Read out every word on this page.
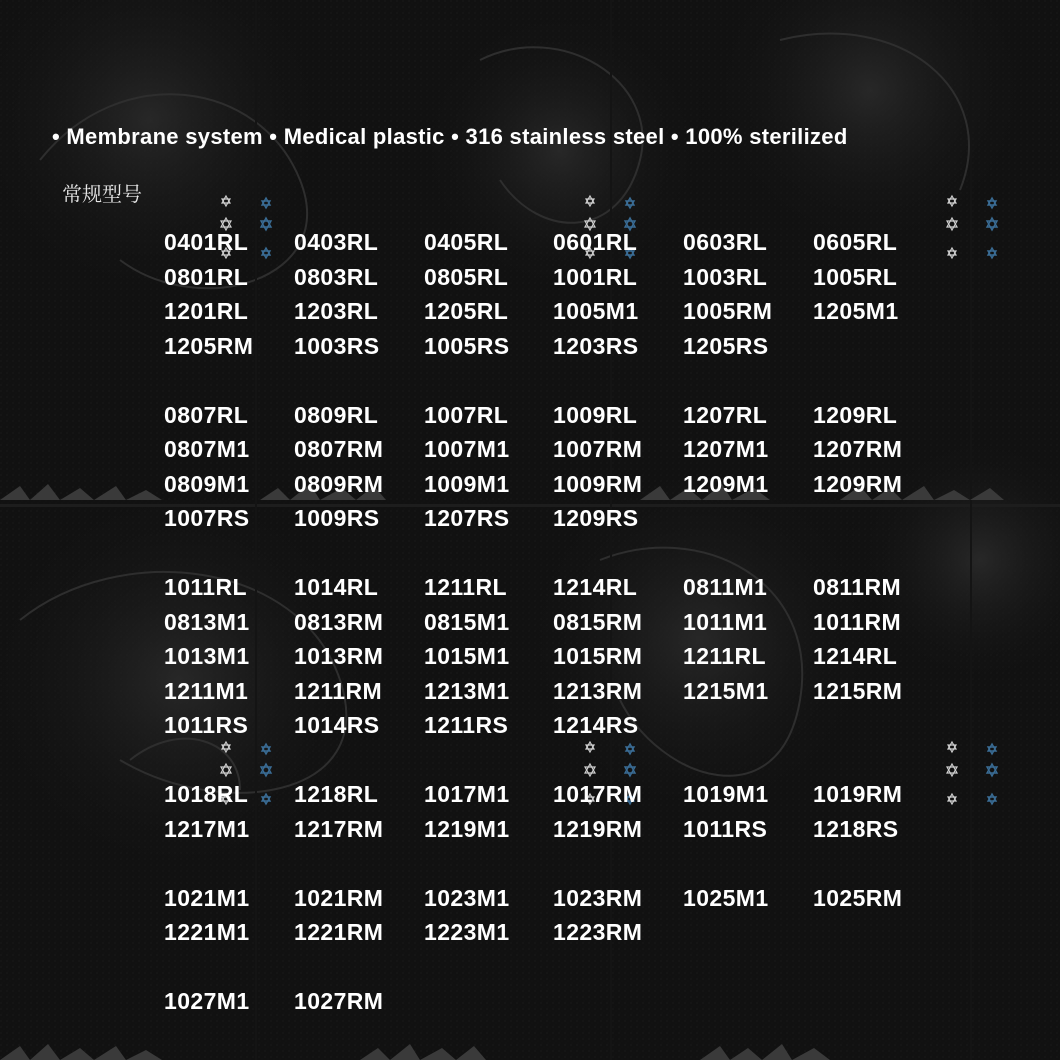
• Membrane system • Medical plastic • 316 stainless steel • 100% sterilized
常规型号
0401RL 0403RL 0405RL 0601RL 0603RL 0605RL
0801RL 0803RL 0805RL 1001RL 1003RL 1005RL
1201RL 1203RL 1205RL 1005M1 1005RM 1205M1
1205RM 1003RS 1005RS 1203RS 1205RS
0807RL 0809RL 1007RL 1009RL 1207RL 1209RL
0807M1 0807RM 1007M1 1007RM 1207M1 1207RM
0809M1 0809RM 1009M1 1009RM 1209M1 1209RM
1007RS 1009RS 1207RS 1209RS
1011RL 1014RL 1211RL 1214RL 0811M1 0811RM
0813M1 0813RM 0815M1 0815RM 1011M1 1011RM
1013M1 1013RM 1015M1 1015RM 1211RL 1214RL
1211M1 1211RM 1213M1 1213RM 1215M1 1215RM
1011RS 1014RS 1211RS 1214RS
1018RL 1218RL 1017M1 1017RM 1019M1 1019RM
1217M1 1217RM 1219M1 1219RM 1011RS 1218RS
1021M1 1021RM 1023M1 1023RM 1025M1 1025RM
1221M1 1221RM 1223M1 1223RM
1027M1 1027RM
